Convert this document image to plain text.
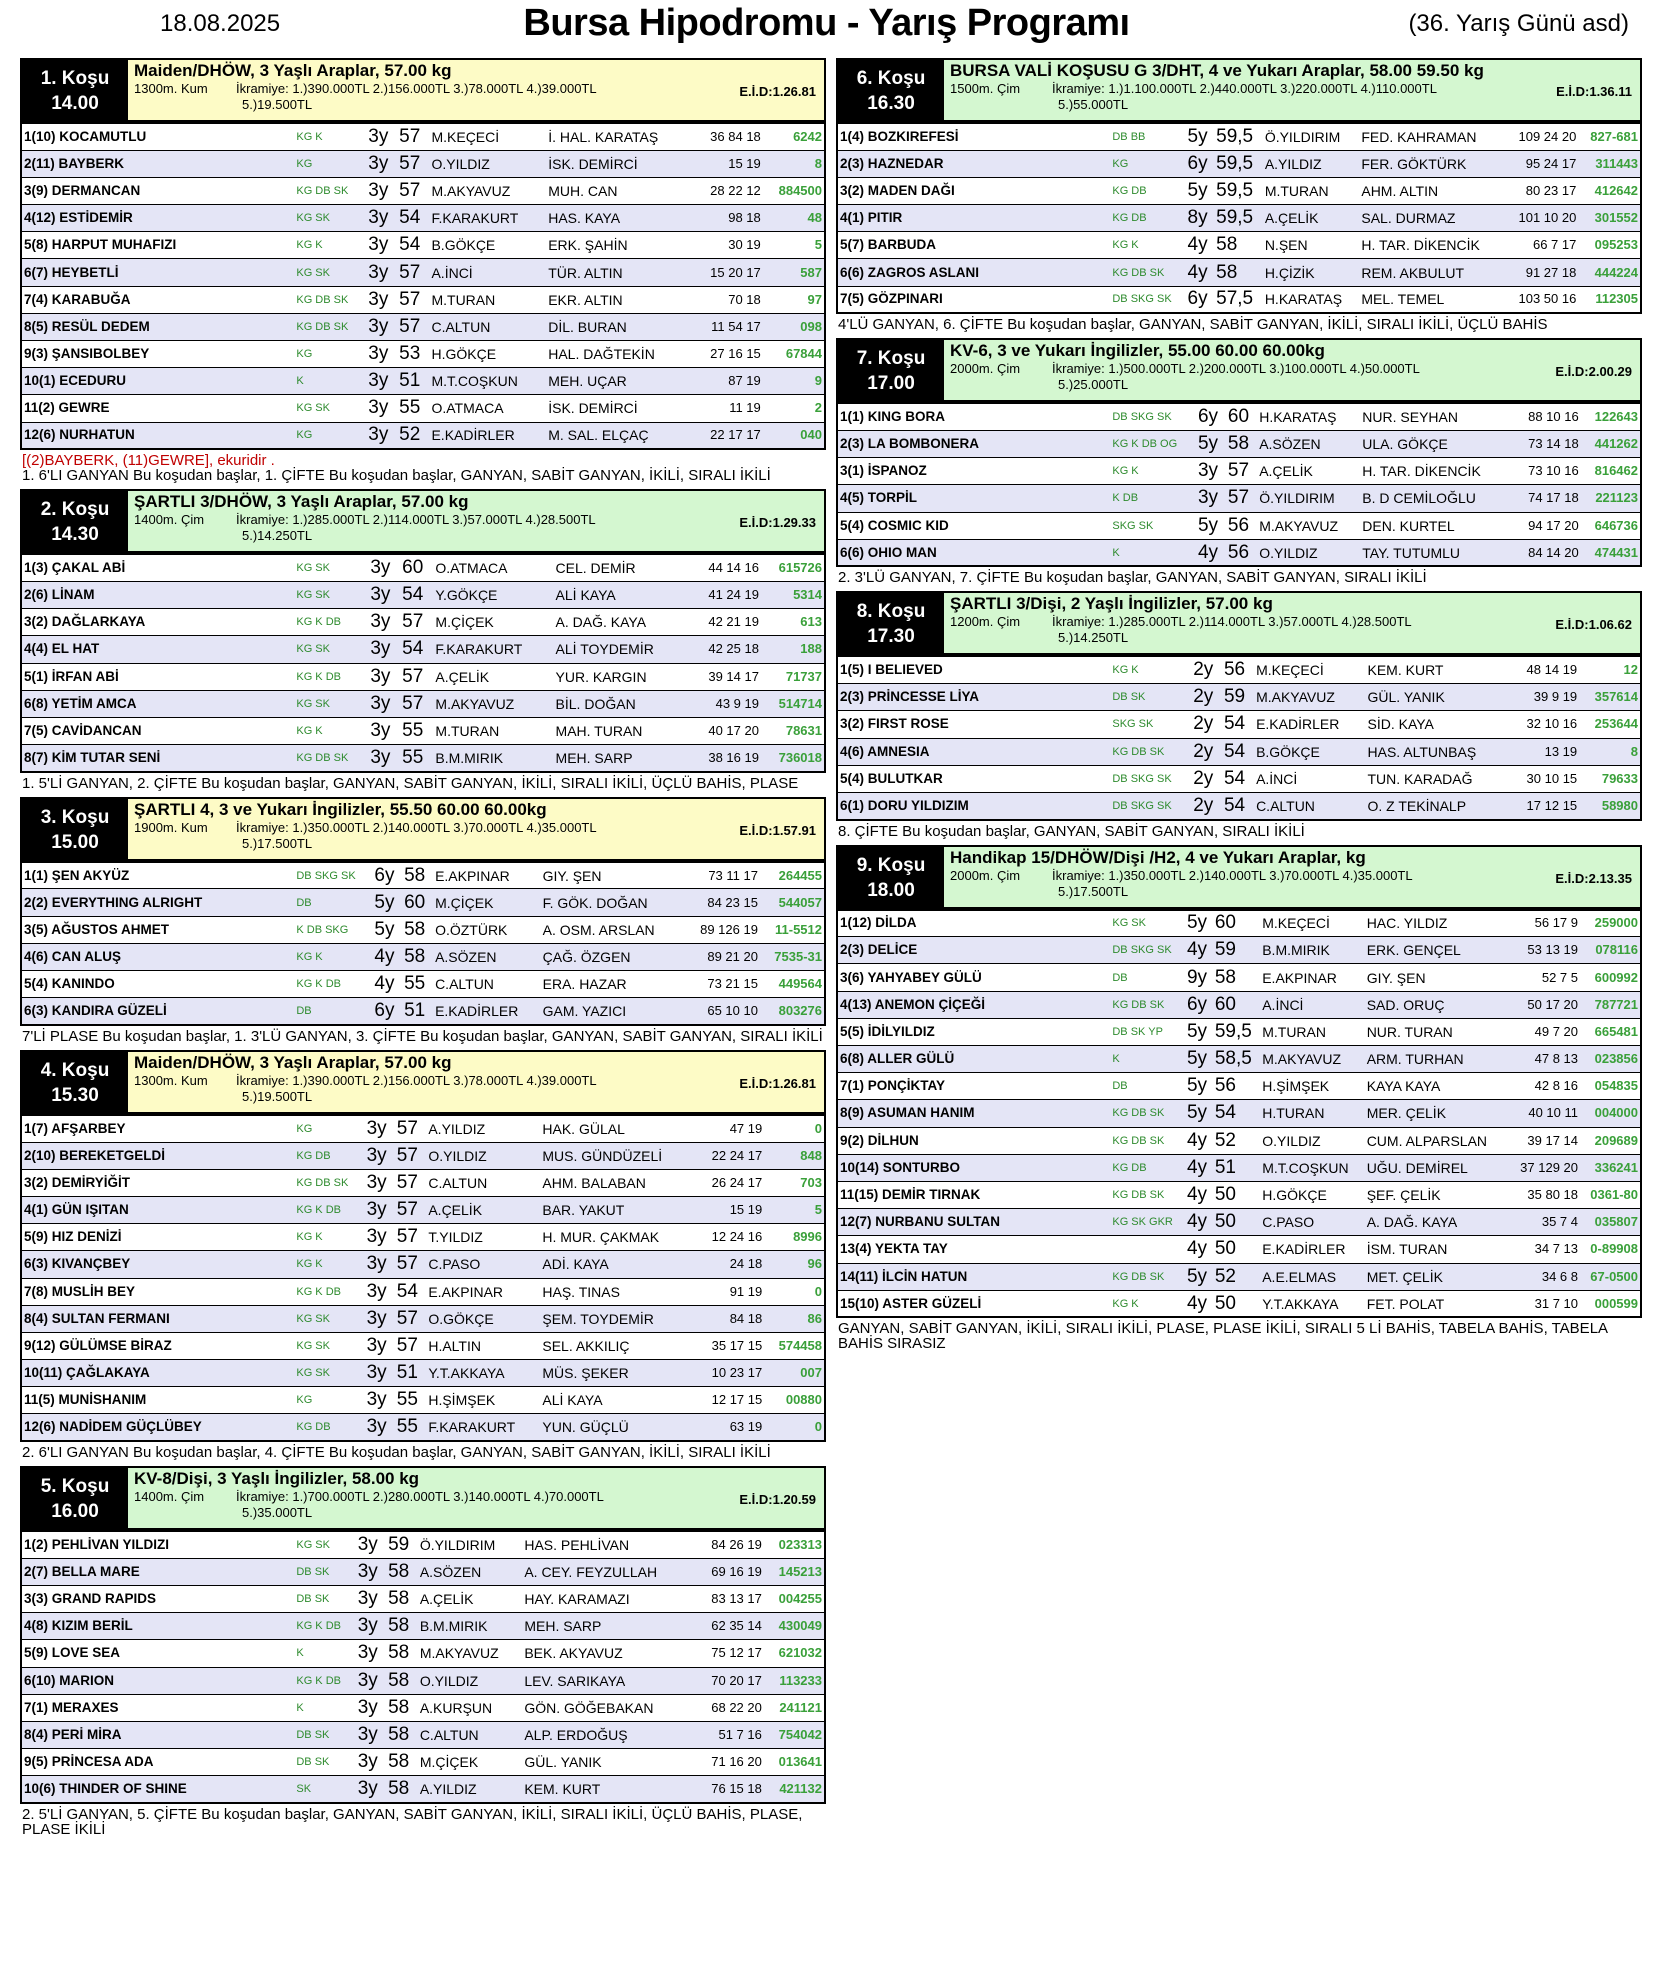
18.08.2025	Bursa Hipodromu - Yarış Programı	(36. Yarış Günü asd)
1. Koşu
14.00
Maiden/DHÖW, 3 Yaşlı Araplar, 57.00 kg
1300m. Kum İkramiye: 1.)390.000TL 2.)156.000TL 3.)78.000TL 4.)39.000TL
5.)19.500TL
E.İ.D:1.26.81
1(10) KOCAMUTLU	KG K	3y	57	M.KEÇECİ	İ. HAL. KARATAŞ	36 84 18	6242
2(11) BAYBERK	KG	3y	57	O.YILDIZ	İSK. DEMİRCİ	15 19	8
3(9) DERMANCAN	KG DB SK	3y	57	M.AKYAVUZ	MUH. CAN	28 22 12	884500
4(12) ESTİDEMİR	KG SK	3y	54	F.KARAKURT	HAS. KAYA	98 18	48
5(8) HARPUT MUHAFIZI	KG K	3y	54	B.GÖKÇE	ERK. ŞAHİN	30 19	5
6(7) HEYBETLİ	KG SK	3y	57	A.İNCİ	TÜR. ALTIN	15 20 17	587
7(4) KARABUĞA	KG DB SK	3y	57	M.TURAN	EKR. ALTIN	70 18	97
8(5) RESÜL DEDEM	KG DB SK	3y	57	C.ALTUN	DİL. BURAN	11 54 17	098
9(3) ŞANSIBOLBEY	KG	3y	53	H.GÖKÇE	HAL. DAĞTEKİN	27 16 15	67844
10(1) ECEDURU	K	3y	51	M.T.COŞKUN	MEH. UÇAR	87 19	9
11(2) GEWRE	KG SK	3y	55	O.ATMACA	İSK. DEMİRCİ	11 19	2
12(6) NURHATUN	KG	3y	52	E.KADİRLER	M. SAL. ELÇAÇ	22 17 17	040
[(2)BAYBERK, (11)GEWRE], ekuridir .
1. 6'LI GANYAN Bu koşudan başlar, 1. ÇİFTE Bu koşudan başlar, GANYAN, SABİT GANYAN, İKİLİ, SIRALI İKİLİ
2. Koşu
14.30
ŞARTLI 3/DHÖW, 3 Yaşlı Araplar, 57.00 kg
1400m. Çim İkramiye: 1.)285.000TL 2.)114.000TL 3.)57.000TL 4.)28.500TL
5.)14.250TL
E.İ.D:1.29.33
1(3) ÇAKAL ABİ	KG SK	3y	60	O.ATMACA	CEL. DEMİR	44 14 16	615726
2(6) LİNAM	KG SK	3y	54	Y.GÖKÇE	ALİ KAYA	41 24 19	5314
3(2) DAĞLARKAYA	KG K DB	3y	57	M.ÇİÇEK	A. DAĞ. KAYA	42 21 19	613
4(4) EL HAT	KG SK	3y	54	F.KARAKURT	ALİ TOYDEMİR	42 25 18	188
5(1) İRFAN ABİ	KG K DB	3y	57	A.ÇELİK	YUR. KARGIN	39 14 17	71737
6(8) YETİM AMCA	KG SK	3y	57	M.AKYAVUZ	BİL. DOĞAN	43 9 19	514714
7(5) CAVİDANCAN	KG K	3y	55	M.TURAN	MAH. TURAN	40 17 20	78631
8(7) KİM TUTAR SENİ	KG DB SK	3y	55	B.M.MIRIK	MEH. SARP	38 16 19	736018
1. 5'Lİ GANYAN, 2. ÇİFTE Bu koşudan başlar, GANYAN, SABİT GANYAN, İKİLİ, SIRALI İKİLİ, ÜÇLÜ BAHİS, PLASE
3. Koşu
15.00
ŞARTLI 4, 3 ve Yukarı İngilizler, 55.50 60.00 60.00kg
1900m. Kum İkramiye: 1.)350.000TL 2.)140.000TL 3.)70.000TL 4.)35.000TL
5.)17.500TL
E.İ.D:1.57.91
1(1) ŞEN AKYÜZ	DB SKG SK	6y	58	E.AKPINAR	GIY. ŞEN	73 11 17	264455
2(2) EVERYTHING ALRIGHT	DB	5y	60	M.ÇİÇEK	F. GÖK. DOĞAN	84 23 15	544057
3(5) AĞUSTOS AHMET	K DB SKG	5y	58	O.ÖZTÜRK	A. OSM. ARSLAN	89 126 19	11-5512
4(6) CAN ALUŞ	KG K	4y	58	A.SÖZEN	ÇAĞ. ÖZGEN	89 21 20	7535-31
5(4) KANINDO	KG K DB	4y	55	C.ALTUN	ERA. HAZAR	73 21 15	449564
6(3) KANDIRA GÜZELİ	DB	6y	51	E.KADİRLER	GAM. YAZICI	65 10 10	803276
7'Lİ PLASE Bu koşudan başlar, 1. 3'LÜ GANYAN, 3. ÇİFTE Bu koşudan başlar, GANYAN, SABİT GANYAN, SIRALI İKİLİ
4. Koşu
15.30
Maiden/DHÖW, 3 Yaşlı Araplar, 57.00 kg
1300m. Kum İkramiye: 1.)390.000TL 2.)156.000TL 3.)78.000TL 4.)39.000TL
5.)19.500TL
E.İ.D:1.26.81
1(7) AFŞARBEY	KG	3y	57	A.YILDIZ	HAK. GÜLAL	47 19	0
2(10) BEREKETGELDİ	KG DB	3y	57	O.YILDIZ	MUS. GÜNDÜZELİ	22 24 17	848
3(2) DEMİRYİĞİT	KG DB SK	3y	57	C.ALTUN	AHM. BALABAN	26 24 17	703
4(1) GÜN IŞITAN	KG K DB	3y	57	A.ÇELİK	BAR. YAKUT	15 19	5
5(9) HIZ DENİZİ	KG K	3y	57	T.YILDIZ	H. MUR. ÇAKMAK	12 24 16	8996
6(3) KIVANÇBEY	KG K	3y	57	C.PASO	ADİ. KAYA	24 18	96
7(8) MUSLİH BEY	KG K DB	3y	54	E.AKPINAR	HAŞ. TINAS	91 19	0
8(4) SULTAN FERMANI	KG SK	3y	57	O.GÖKÇE	ŞEM. TOYDEMİR	84 18	86
9(12) GÜLÜMSE BİRAZ	KG SK	3y	57	H.ALTIN	SEL. AKKILIÇ	35 17 15	574458
10(11) ÇAĞLAKAYA	KG SK	3y	51	Y.T.AKKAYA	MÜS. ŞEKER	10 23 17	007
11(5) MUNİSHANIM	KG	3y	55	H.ŞİMŞEK	ALİ KAYA	12 17 15	00880
12(6) NADİDEM GÜÇLÜBEY	KG DB	3y	55	F.KARAKURT	YUN. GÜÇLÜ	63 19	0
2. 6'LI GANYAN Bu koşudan başlar, 4. ÇİFTE Bu koşudan başlar, GANYAN, SABİT GANYAN, İKİLİ, SIRALI İKİLİ
5. Koşu
16.00
KV-8/Dişi, 3 Yaşlı İngilizler, 58.00 kg
1400m. Çim İkramiye: 1.)700.000TL 2.)280.000TL 3.)140.000TL 4.)70.000TL
5.)35.000TL
E.İ.D:1.20.59
1(2) PEHLİVAN YILDIZI	KG SK	3y	59	Ö.YILDIRIM	HAS. PEHLİVAN	84 26 19	023313
2(7) BELLA MARE	DB SK	3y	58	A.SÖZEN	A. CEY. FEYZULLAH	69 16 19	145213
3(3) GRAND RAPIDS	DB SK	3y	58	A.ÇELİK	HAY. KARAMAZI	83 13 17	004255
4(8) KIZIM BERİL	KG K DB	3y	58	B.M.MIRIK	MEH. SARP	62 35 14	430049
5(9) LOVE SEA	K	3y	58	M.AKYAVUZ	BEK. AKYAVUZ	75 12 17	621032
6(10) MARION	KG K DB	3y	58	O.YILDIZ	LEV. SARIKAYA	70 20 17	113233
7(1) MERAXES	K	3y	58	A.KURŞUN	GÖN. GÖĞEBAKAN	68 22 20	241121
8(4) PERİ MİRA	DB SK	3y	58	C.ALTUN	ALP. ERDOĞUŞ	51 7 16	754042
9(5) PRİNCESA ADA	DB SK	3y	58	M.ÇİÇEK	GÜL. YANIK	71 16 20	013641
10(6) THINDER OF SHINE	SK	3y	58	A.YILDIZ	KEM. KURT	76 15 18	421132
2. 5'Lİ GANYAN, 5. ÇİFTE Bu koşudan başlar, GANYAN, SABİT GANYAN, İKİLİ, SIRALI İKİLİ, ÜÇLÜ BAHİS, PLASE, PLASE İKİLİ
6. Koşu
16.30
BURSA VALİ KOŞUSU G 3/DHT, 4 ve Yukarı Araplar, 58.00 59.50 kg
1500m. Çim İkramiye: 1.)1.100.000TL 2.)440.000TL 3.)220.000TL 4.)110.000TL
5.)55.000TL
E.İ.D:1.36.11
1(4) BOZKIREFESİ	DB BB	5y	59,5	Ö.YILDIRIM	FED. KAHRAMAN	109 24 20	827-681
2(3) HAZNEDAR	KG	6y	59,5	A.YILDIZ	FER. GÖKTÜRK	95 24 17	311443
3(2) MADEN DAĞI	KG DB	5y	59,5	M.TURAN	AHM. ALTIN	80 23 17	412642
4(1) PITIR	KG DB	8y	59,5	A.ÇELİK	SAL. DURMAZ	101 10 20	301552
5(7) BARBUDA	KG K	4y	58	N.ŞEN	H. TAR. DİKENCİK	66 7 17	095253
6(6) ZAGROS ASLANI	KG DB SK	4y	58	H.ÇİZİK	REM. AKBULUT	91 27 18	444224
7(5) GÖZPINARI	DB SKG SK	6y	57,5	H.KARATAŞ	MEL. TEMEL	103 50 16	112305
4'LÜ GANYAN, 6. ÇİFTE Bu koşudan başlar, GANYAN, SABİT GANYAN, İKİLİ, SIRALI İKİLİ, ÜÇLÜ BAHİS
7. Koşu
17.00
KV-6, 3 ve Yukarı İngilizler, 55.00 60.00 60.00kg
2000m. Çim İkramiye: 1.)500.000TL 2.)200.000TL 3.)100.000TL 4.)50.000TL
5.)25.000TL
E.İ.D:2.00.29
1(1) KING BORA	DB SKG SK	6y	60	H.KARATAŞ	NUR. SEYHAN	88 10 16	122643
2(3) LA BOMBONERA	KG K DB OG	5y	58	A.SÖZEN	ULA. GÖKÇE	73 14 18	441262
3(1) İSPANOZ	KG K	3y	57	A.ÇELİK	H. TAR. DİKENCİK	73 10 16	816462
4(5) TORPİL	K DB	3y	57	Ö.YILDIRIM	B. D CEMİLOĞLU	74 17 18	221123
5(4) COSMIC KID	SKG SK	5y	56	M.AKYAVUZ	DEN. KURTEL	94 17 20	646736
6(6) OHIO MAN	K	4y	56	O.YILDIZ	TAY. TUTUMLU	84 14 20	474431
2. 3'LÜ GANYAN, 7. ÇİFTE Bu koşudan başlar, GANYAN, SABİT GANYAN, SIRALI İKİLİ
8. Koşu
17.30
ŞARTLI 3/Dişi, 2 Yaşlı İngilizler, 57.00 kg
1200m. Çim İkramiye: 1.)285.000TL 2.)114.000TL 3.)57.000TL 4.)28.500TL
5.)14.250TL
E.İ.D:1.06.62
1(5) I BELIEVED	KG K	2y	56	M.KEÇECİ	KEM. KURT	48 14 19	12
2(3) PRİNCESSE LİYA	DB SK	2y	59	M.AKYAVUZ	GÜL. YANIK	39 9 19	357614
3(2) FIRST ROSE	SKG SK	2y	54	E.KADİRLER	SİD. KAYA	32 10 16	253644
4(6) AMNESIA	KG DB SK	2y	54	B.GÖKÇE	HAS. ALTUNBAŞ	13 19	8
5(4) BULUTKAR	DB SKG SK	2y	54	A.İNCİ	TUN. KARADAĞ	30 10 15	79633
6(1) DORU YILDIZIM	DB SKG SK	2y	54	C.ALTUN	O. Z TEKİNALP	17 12 15	58980
8. ÇİFTE Bu koşudan başlar, GANYAN, SABİT GANYAN, SIRALI İKİLİ
9. Koşu
18.00
Handikap 15/DHÖW/Dişi /H2, 4 ve Yukarı Araplar, kg
2000m. Çim İkramiye: 1.)350.000TL 2.)140.000TL 3.)70.000TL 4.)35.000TL
5.)17.500TL
E.İ.D:2.13.35
1(12) DİLDA	KG SK	5y	60	M.KEÇECİ	HAC. YILDIZ	56 17 9	259000
2(3) DELİCE	DB SKG SK	4y	59	B.M.MIRIK	ERK. GENÇEL	53 13 19	078116
3(6) YAHYABEY GÜLÜ	DB	9y	58	E.AKPINAR	GIY. ŞEN	52 7 5	600992
4(13) ANEMON ÇİÇEĞİ	KG DB SK	6y	60	A.İNCİ	SAD. ORUÇ	50 17 20	787721
5(5) İDİLYILDIZ	DB SK YP	5y	59,5	M.TURAN	NUR. TURAN	49 7 20	665481
6(8) ALLER GÜLÜ	K	5y	58,5	M.AKYAVUZ	ARM. TURHAN	47 8 13	023856
7(1) PONÇİKTAY	DB	5y	56	H.ŞİMŞEK	KAYA KAYA	42 8 16	054835
8(9) ASUMAN HANIM	KG DB SK	5y	54	H.TURAN	MER. ÇELİK	40 10 11	004000
9(2) DİLHUN	KG DB SK	4y	52	O.YILDIZ	CUM. ALPARSLAN	39 17 14	209689
10(14) SONTURBO	KG DB	4y	51	M.T.COŞKUN	UĞU. DEMİREL	37 129 20	336241
11(15) DEMİR TIRNAK	KG DB SK	4y	50	H.GÖKÇE	ŞEF. ÇELİK	35 80 18	0361-80
12(7) NURBANU SULTAN	KG SK GKR	4y	50	C.PASO	A. DAĞ. KAYA	35 7 4	035807
13(4) YEKTA TAY		4y	50	E.KADİRLER	İSM. TURAN	34 7 13	0-89908
14(11) İLCİN HATUN	KG DB SK	5y	52	A.E.ELMAS	MET. ÇELİK	34 6 8	67-0500
15(10) ASTER GÜZELİ	KG K	4y	50	Y.T.AKKAYA	FET. POLAT	31 7 10	000599
GANYAN, SABİT GANYAN, İKİLİ, SIRALI İKİLİ, PLASE, PLASE İKİLİ, SIRALI 5 Lİ BAHİS, TABELA BAHİS, TABELA BAHİS SIRASIZ
